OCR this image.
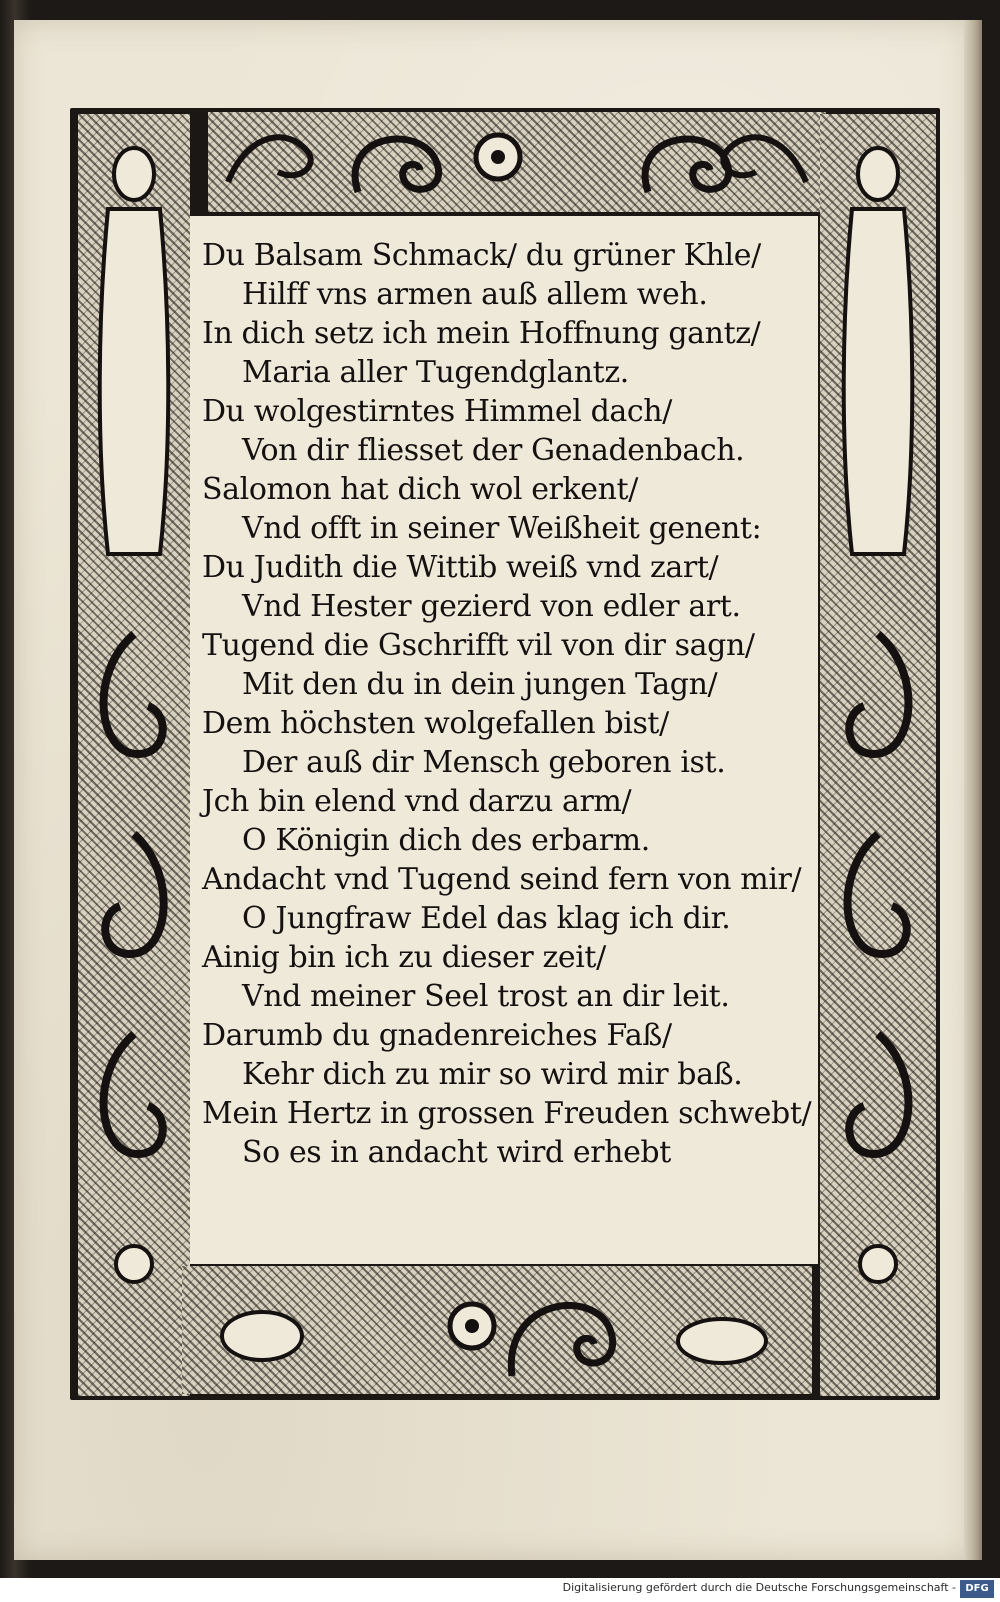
Du Balsam Schmack/ du grüner Khle/
Hilff vns armen auß allem weh.
In dich setz ich mein Hoffnung gantz/
Maria aller Tugendglantz.
Du wolgestirntes Himmel dach/
Von dir fliesset der Genadenbach.
Salomon hat dich wol erkent/
Vnd offt in seiner Weißheit genent:
Du Judith die Wittib weiß vnd zart/
Vnd Hester gezierd von edler art.
Tugend die Gschrifft vil von dir sagn/
Mit den du in dein jungen Tagn/
Dem höchsten wolgefallen bist/
Der auß dir Mensch geboren ist.
Jch bin elend vnd darzu arm/
O Königin dich des erbarm.
Andacht vnd Tugend seind fern von mir/
O Jungfraw Edel das klag ich dir.
Ainig bin ich zu dieser zeit/
Vnd meiner Seel trost an dir leit.
Darumb du gnadenreiches Faß/
Kehr dich zu mir so wird mir baß.
Mein Hertz in grossen Freuden schwebt/
So es in andacht wird erhebt
Digitalisierung gefördert durch die Deutsche Forschungsgemeinschaft - DFG
